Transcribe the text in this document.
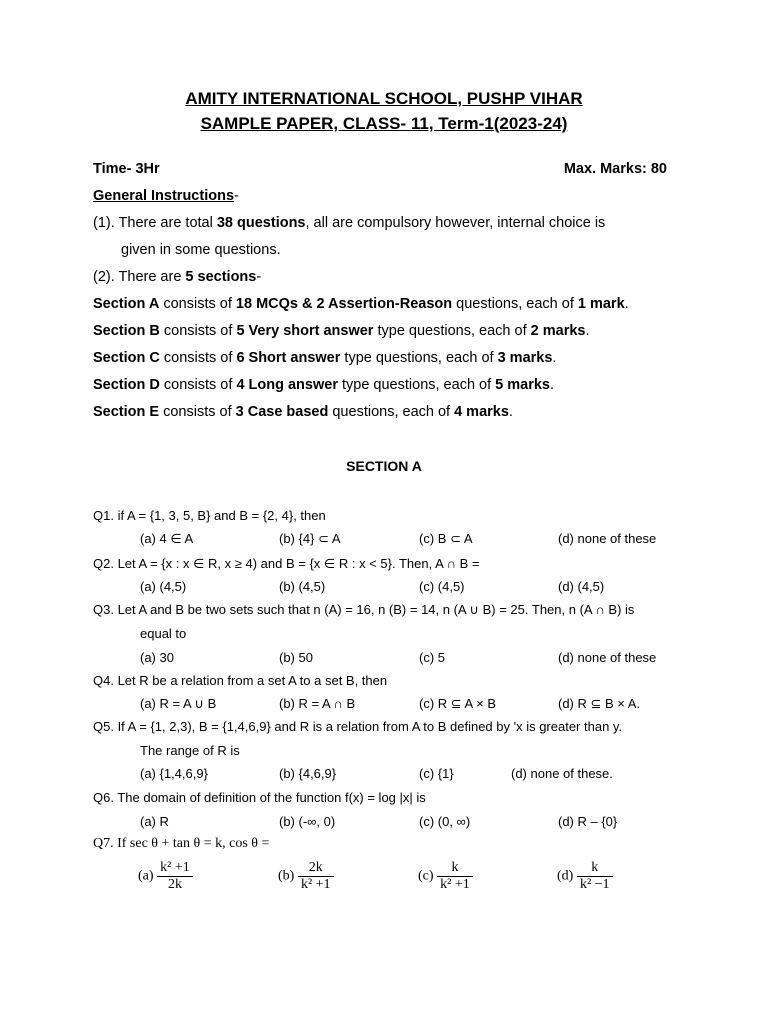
AMITY INTERNATIONAL SCHOOL, PUSHP VIHAR
SAMPLE PAPER, CLASS- 11, Term-1(2023-24)
Time- 3Hr	Max. Marks: 80
General Instructions-
(1). There are total 38 questions, all are compulsory however, internal choice is
given in some questions.
(2). There are 5 sections-
Section A consists of 18 MCQs & 2 Assertion-Reason questions, each of 1 mark.
Section B consists of 5 Very short answer type questions, each of 2 marks.
Section C consists of 6 Short answer type questions, each of 3 marks.
Section D consists of 4 Long answer type questions, each of 5 marks.
Section E consists of 3 Case based questions, each of 4 marks.
SECTION A
Q1. if A = {1, 3, 5, B} and B = {2, 4}, then
(a) 4 ∈ A	(b) {4} ⊂ A	(c) B ⊂ A	(d) none of these
Q2. Let A = {x : x ∈ R, x ≥ 4) and B = {x ∈ R : x < 5}. Then, A ∩ B =
(a) (4,5)	(b) (4,5)	(c) (4,5)	(d) (4,5)
Q3. Let A and B be two sets such that n (A) = 16, n (B) = 14, n (A ∪ B) = 25. Then, n (A ∩ B) is
equal to
(a) 30	(b) 50	(c) 5	(d) none of these
Q4. Let R be a relation from a set A to a set B, then
(a) R = A ∪ B	(b) R = A ∩ B	(c) R ⊆ A × B	(d) R ⊆ B × A.
Q5. If A = {1, 2,3), B = {1,4,6,9} and R is a relation from A to B defined by 'x is greater than y.
The range of R is
(a) {1,4,6,9}	(b) {4,6,9}	(c) {1}	(d) none of these.
Q6. The domain of definition of the function f(x) = log |x| is
(a) R	(b) (-∞, 0)	(c) (0, ∞)	(d) R – {0}
Q7. If sec θ + tan θ = k, cos θ =
$(a) \frac{\text{k² +1}}{2k}$	$(b) \frac{2k}{\text{k² +1}}$	$(c) \frac{k}{\text{k² +1}}$	$(d) \frac{k}{\text{k² −1}}$
